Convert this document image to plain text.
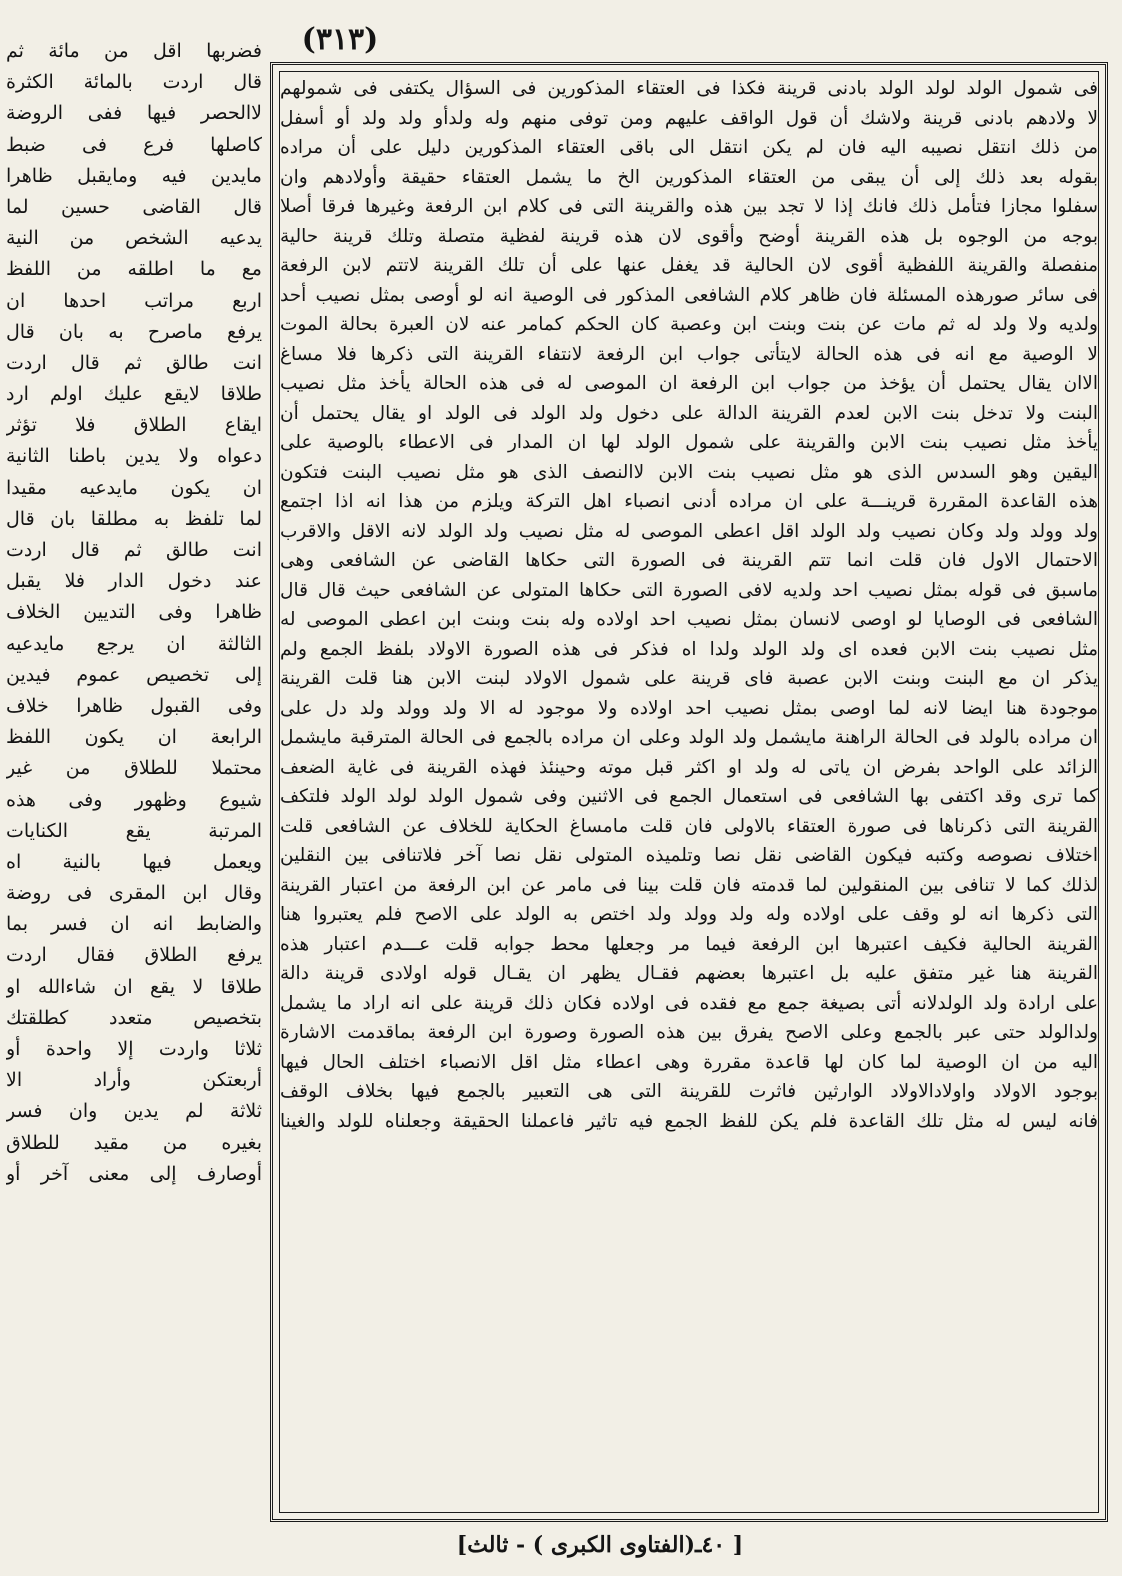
(٣١٣)
فى شمول الولد لولد الولد بادنى قرينة فكذا فى العتقاء المذكورين فى السؤال يكتفى فى شمولهم
لا ولادهم بادنى قرينة ولاشك أن قول الواقف عليهم ومن توفى منهم وله ولدأو ولد ولد أو أسفل
من ذلك انتقل نصيبه اليه فان لم يكن انتقل الى باقى العتقاء المذكورين دليل على أن مراده
بقوله بعد ذلك إلى أن يبقى من العتقاء المذكورين الخ ما يشمل العتقاء حقيقة وأولادهم وان
سفلوا مجازا فتأمل ذلك فانك إذا لا تجد بين هذه والقرينة التى فى كلام ابن الرفعة وغيرها فرقا أصلا
بوجه من الوجوه بل هذه القرينة أوضح وأقوى لان هذه قرينة لفظية متصلة وتلك قرينة حالية
منفصلة والقرينة اللفظية أقوى لان الحالية قد يغفل عنها على أن تلك القرينة لاتتم لابن الرفعة
فى سائر صورهذه المسئلة فان ظاهر كلام الشافعى المذكور فى الوصية انه لو أوصى بمثل نصيب أحد
ولديه ولا ولد له ثم مات عن بنت وبنت ابن وعصبة كان الحكم كمامر عنه لان العبرة بحالة الموت
لا الوصية مع انه فى هذه الحالة لايتأتى جواب ابن الرفعة لانتفاء القرينة التى ذكرها فلا مساغ
الاان يقال يحتمل أن يؤخذ من جواب ابن الرفعة ان الموصى له فى هذه الحالة يأخذ مثل نصيب
البنت ولا تدخل بنت الابن لعدم القرينة الدالة على دخول ولد الولد فى الولد او يقال يحتمل أن
يأخذ مثل نصيب بنت الابن والقرينة على شمول الولد لها ان المدار فى الاعطاء بالوصية على
اليقين وهو السدس الذى هو مثل نصيب بنت الابن لاالنصف الذى هو مثل نصيب البنت فتكون
هذه القاعدة المقررة قرينـــة على ان مراده أدنى انصباء اهل التركة ويلزم من هذا انه اذا اجتمع
ولد وولد ولد وكان نصيب ولد الولد اقل اعطى الموصى له مثل نصيب ولد الولد لانه الاقل والاقرب
الاحتمال الاول فان قلت انما تتم القرينة فى الصورة التى حكاها القاضى عن الشافعى وهى
ماسبق فى قوله بمثل نصيب احد ولديه لافى الصورة التى حكاها المتولى عن الشافعى حيث قال قال
الشافعى فى الوصايا لو اوصى لانسان بمثل نصيب احد اولاده وله بنت وبنت ابن اعطى الموصى له
مثل نصيب بنت الابن فعده اى ولد الولد ولدا اه فذكر فى هذه الصورة الاولاد بلفظ الجمع ولم
يذكر ان مع البنت وبنت الابن عصبة فاى قرينة على شمول الاولاد لبنت الابن هنا قلت القرينة
موجودة هنا ايضا لانه لما اوصى بمثل نصيب احد اولاده ولا موجود له الا ولد وولد ولد دل على
ان مراده بالولد فى الحالة الراهنة مايشمل ولد الولد وعلى ان مراده بالجمع فى الحالة المترقبة مايشمل
الزائد على الواحد بفرض ان ياتى له ولد او اكثر قبل موته وحينئذ فهذه القرينة فى غاية الضعف
كما ترى وقد اكتفى بها الشافعى فى استعمال الجمع فى الاثنين وفى شمول الولد لولد الولد فلتكف
القرينة التى ذكرناها فى صورة العتقاء بالاولى فان قلت مامساغ الحكاية للخلاف عن الشافعى قلت
اختلاف نصوصه وكتبه فيكون القاضى نقل نصا وتلميذه المتولى نقل نصا آخر فلاتنافى بين النقلين
لذلك كما لا تنافى بين المنقولين لما قدمته فان قلت بينا فى مامر عن ابن الرفعة من اعتبار القرينة
التى ذكرها انه لو وقف على اولاده وله ولد وولد ولد اختص به الولد على الاصح فلم يعتبروا هنا
القرينة الحالية فكيف اعتبرها ابن الرفعة فيما مر وجعلها محط جوابه قلت عـــدم اعتبار هذه
القرينة هنا غير متفق عليه بل اعتبرها بعضهم فقـال يظهر ان يقـال قوله اولادى قرينة دالة
على ارادة ولد الولدلانه أتى بصيغة جمع مع فقده فى اولاده فكان ذلك قرينة على انه اراد ما يشمل
ولدالولد حتى عبر بالجمع وعلى الاصح يفرق بين هذه الصورة وصورة ابن الرفعة بماقدمت الاشارة
اليه من ان الوصية لما كان لها قاعدة مقررة وهى اعطاء مثل اقل الانصباء اختلف الحال فيها
بوجود الاولاد واولادالاولاد الوارثين فاثرت للقرينة التى هى التعبير بالجمع فيها بخلاف الوقف
فانه ليس له مثل تلك القاعدة فلم يكن للفظ الجمع فيه تاثير فاعملنا الحقيقة وجعلناه للولد والغينا
فضربها اقل من مائة ثم
قال اردت بالمائة الكثرة
لاالحصر فيها ففى الروضة
كاصلها فرع فى ضبط
مايدين فيه ومايقبل ظاهرا
قال القاضى حسين لما
يدعيه الشخص من النية
مع ما اطلقه من اللفظ
اربع مراتب احدها ان
يرفع ماصرح به بان قال
انت طالق ثم قال اردت
طلاقا لايقع عليك اولم ارد
ايقاع الطلاق فلا تؤثر
دعواه ولا يدين باطنا الثانية
ان يكون مايدعيه مقيدا
لما تلفظ به مطلقا بان قال
انت طالق ثم قال اردت
عند دخول الدار فلا يقبل
ظاهرا وفى التديين الخلاف
الثالثة ان يرجع مايدعيه
إلى تخصيص عموم فيدين
وفى القبول ظاهرا خلاف
الرابعة ان يكون اللفظ
محتملا للطلاق من غير
شيوع وظهور وفى هذه
المرتبة يقع الكنايات
ويعمل فيها بالنية اه
وقال ابن المقرى فى روضة
والضابط انه ان فسر بما
يرفع الطلاق فقال اردت
طلاقا لا يقع ان شاءالله او
بتخصيص متعدد كطلقتك
ثلاثا واردت إلا واحدة أو
أربعتكن وأراد الا
ثلاثة لم يدين وان فسر
بغيره من مقيد للطلاق
أوصارف إلى معنى آخر أو
[ ٤٠ـ(الفتاوى الكبرى ) - ثالث]
